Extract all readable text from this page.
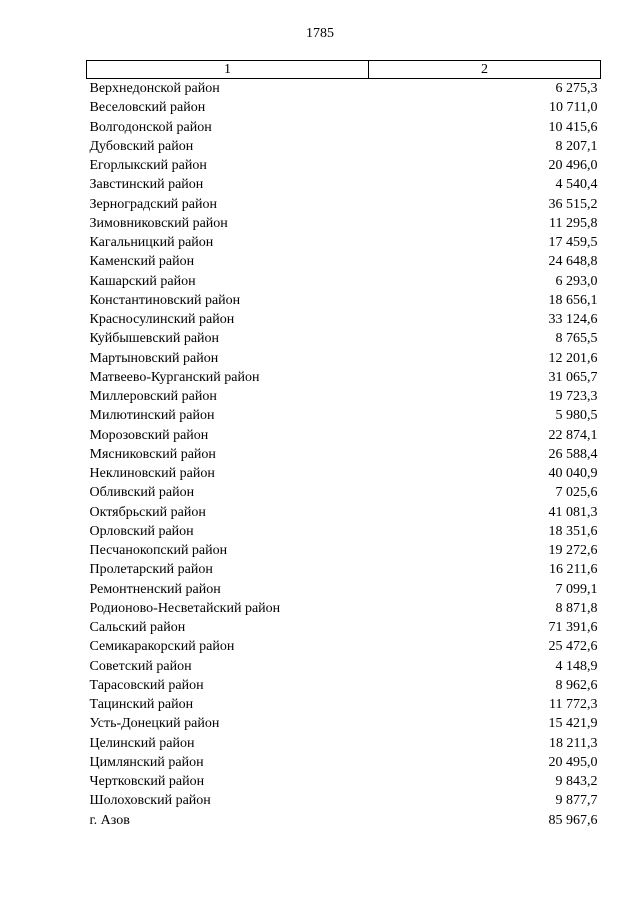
1785
1	2
Верхнедонской район	6 275,3
Веселовский район	10 711,0
Волгодонской район	10 415,6
Дубовский район	8 207,1
Егорлыкский район	20 496,0
Завстинский район	4 540,4
Зерноградский район	36 515,2
Зимовниковский район	11 295,8
Кагальницкий район	17 459,5
Каменский район	24 648,8
Кашарский район	6 293,0
Константиновский район	18 656,1
Красносулинский район	33 124,6
Куйбышевский район	8 765,5
Мартыновский район	12 201,6
Матвеево-Курганский район	31 065,7
Миллеровский район	19 723,3
Милютинский район	5 980,5
Морозовский район	22 874,1
Мясниковский район	26 588,4
Неклиновский район	40 040,9
Обливский район	7 025,6
Октябрьский район	41 081,3
Орловский район	18 351,6
Песчанокопский район	19 272,6
Пролетарский район	16 211,6
Ремонтненский район	7 099,1
Родионово-Несветайский район	8 871,8
Сальский район	71 391,6
Семикаракорский район	25 472,6
Советский район	4 148,9
Тарасовский район	8 962,6
Тацинский район	11 772,3
Усть-Донецкий район	15 421,9
Целинский район	18 211,3
Цимлянский район	20 495,0
Чертковский район	9 843,2
Шолоховский район	9 877,7
г. Азов	85 967,6
